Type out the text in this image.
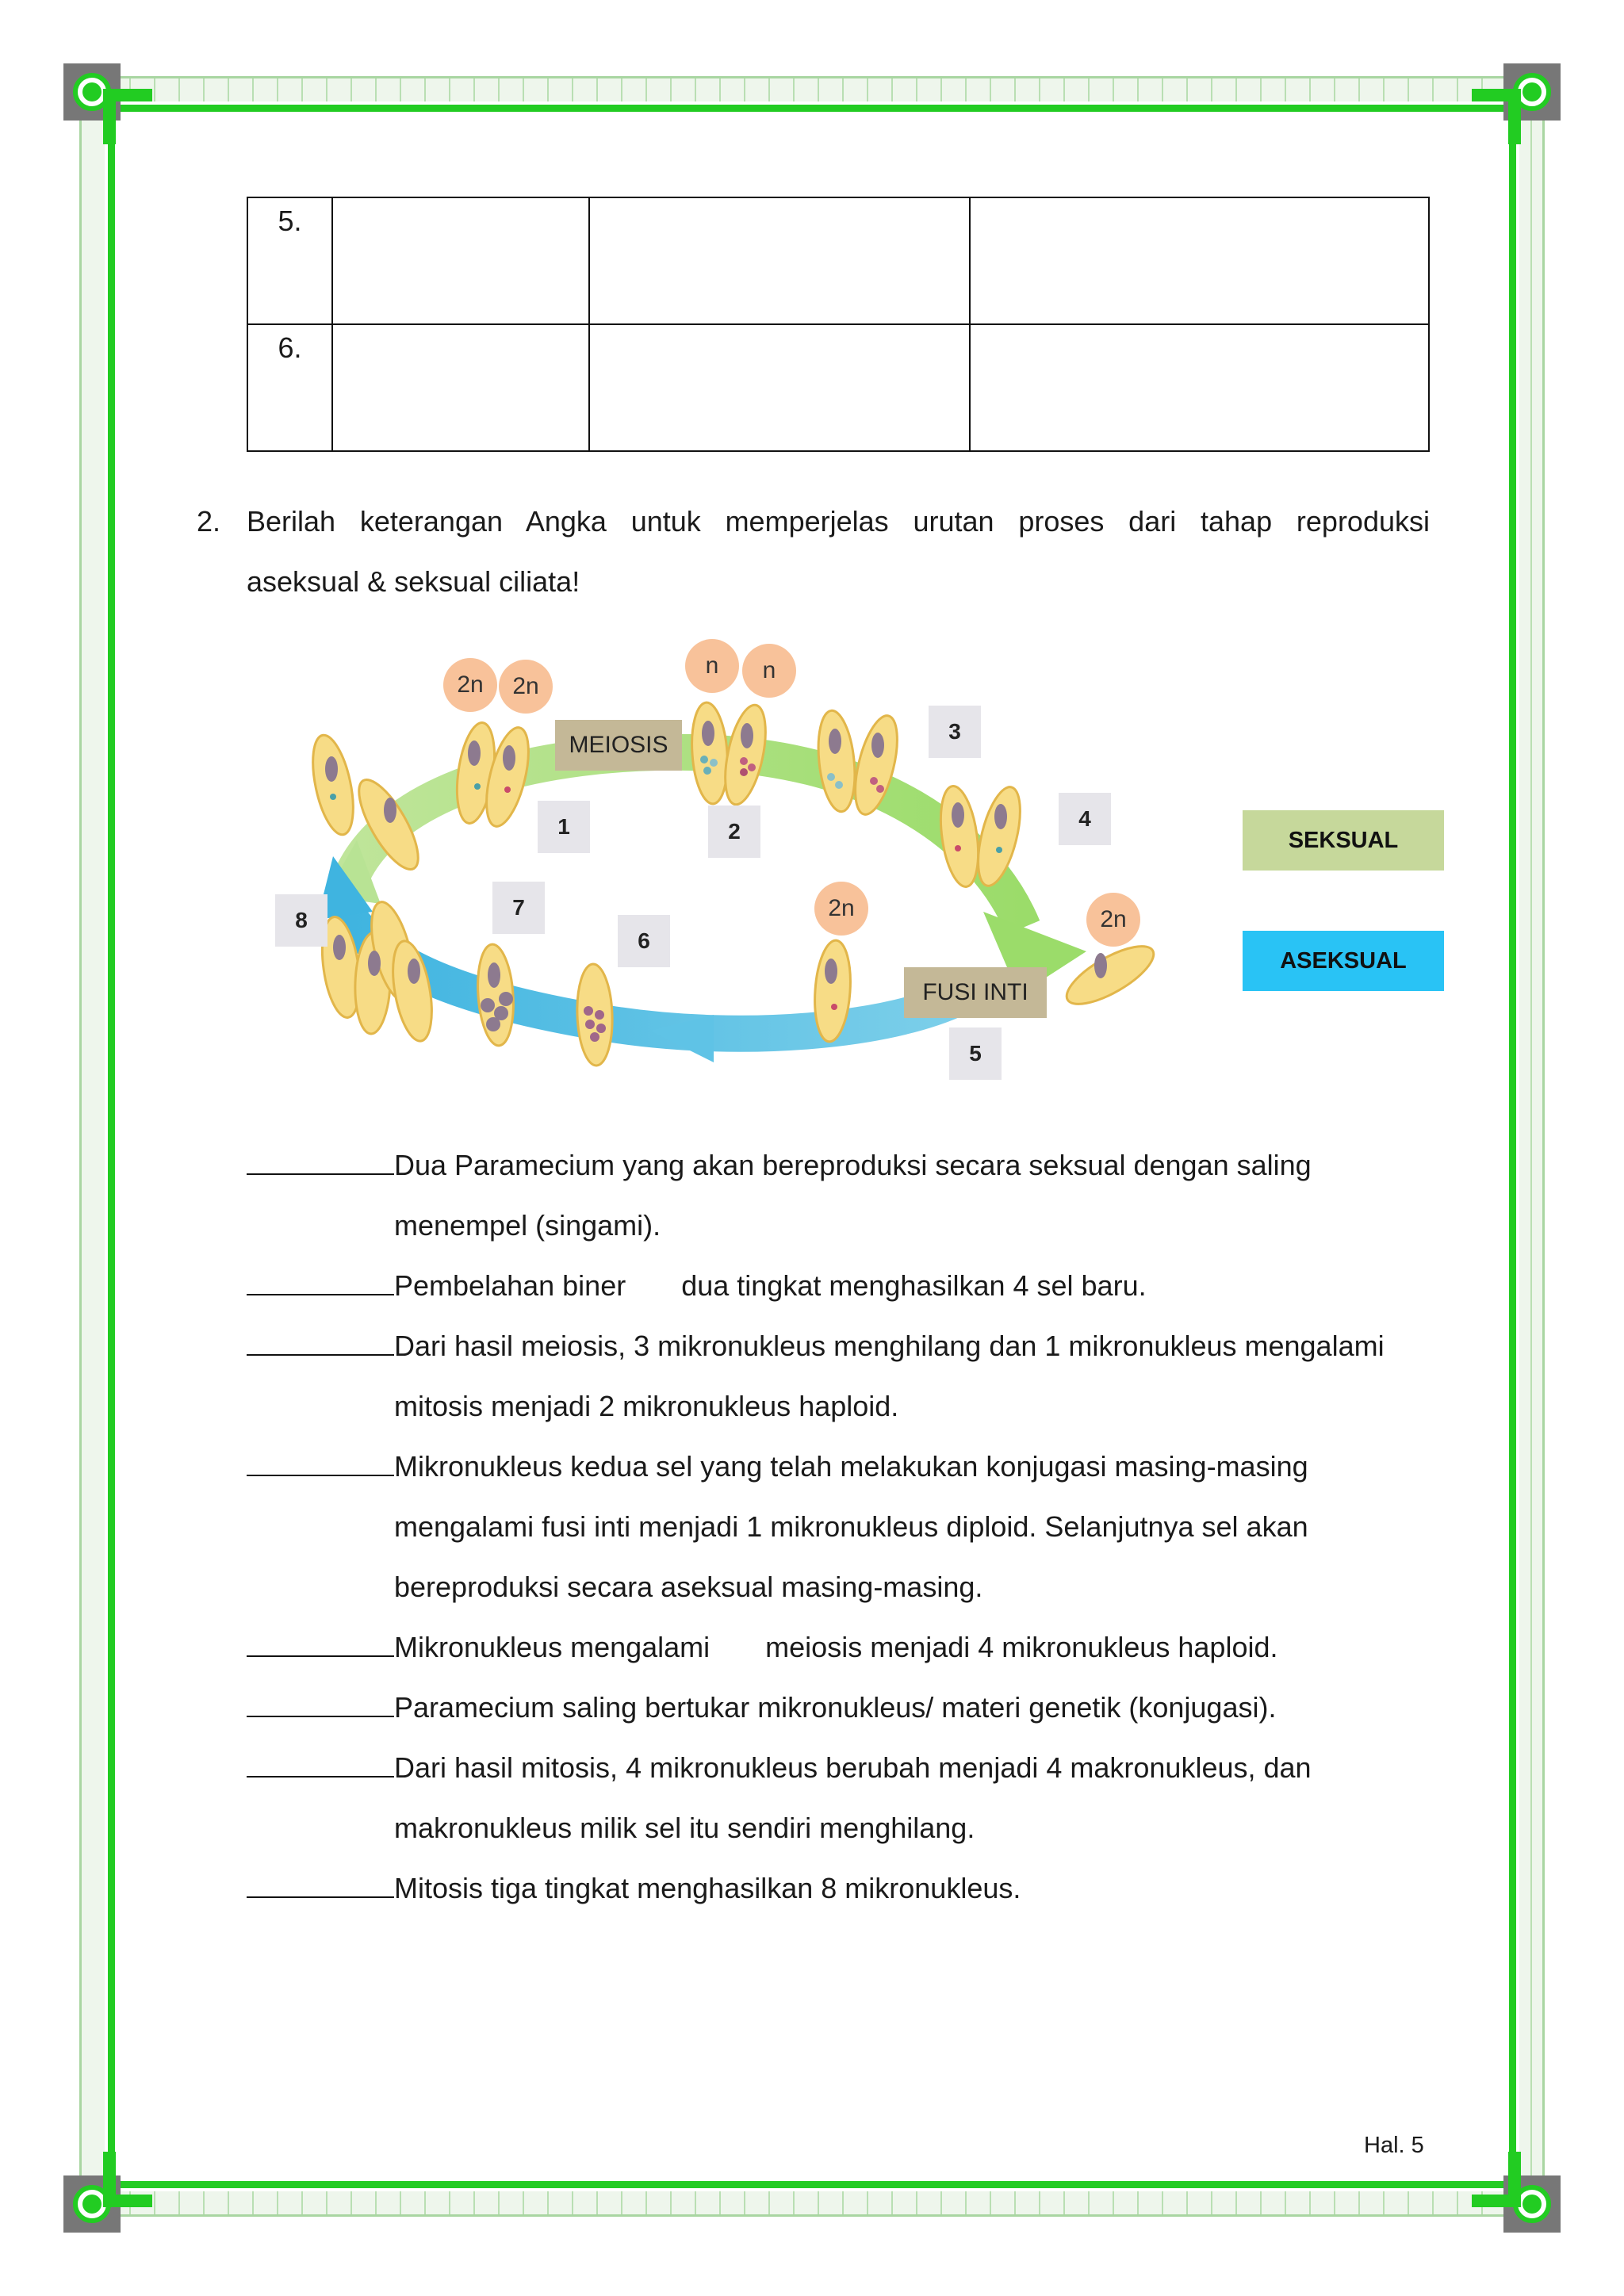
5.			
6.			
2. Berilah keterangan Angka untuk memperjelas urutan proses dari tahap reproduksi
aseksual & seksual ciliata!
2n	2n
n	n
2n	2n
MEIOSIS
FUSI INTI
1	2
3
4
5
6
7
8
SEKSUAL
ASEKSUAL
Dua Paramecium yang akan bereproduksi secara seksual dengan saling
menempel (singami).
Pembelahan biner       dua tingkat menghasilkan 4 sel baru.
Dari hasil meiosis, 3 mikronukleus menghilang dan 1 mikronukleus mengalami
mitosis menjadi 2 mikronukleus haploid.
Mikronukleus kedua sel yang telah melakukan konjugasi masing-masing
mengalami fusi inti menjadi 1 mikronukleus diploid. Selanjutnya sel akan
bereproduksi secara aseksual masing-masing.
Mikronukleus mengalami       meiosis menjadi 4 mikronukleus haploid.
Paramecium saling bertukar mikronukleus/ materi genetik (konjugasi).
Dari hasil mitosis, 4 mikronukleus berubah menjadi 4 makronukleus, dan
makronukleus milik sel itu sendiri menghilang.
Mitosis tiga tingkat menghasilkan 8 mikronukleus.
Hal. 5
